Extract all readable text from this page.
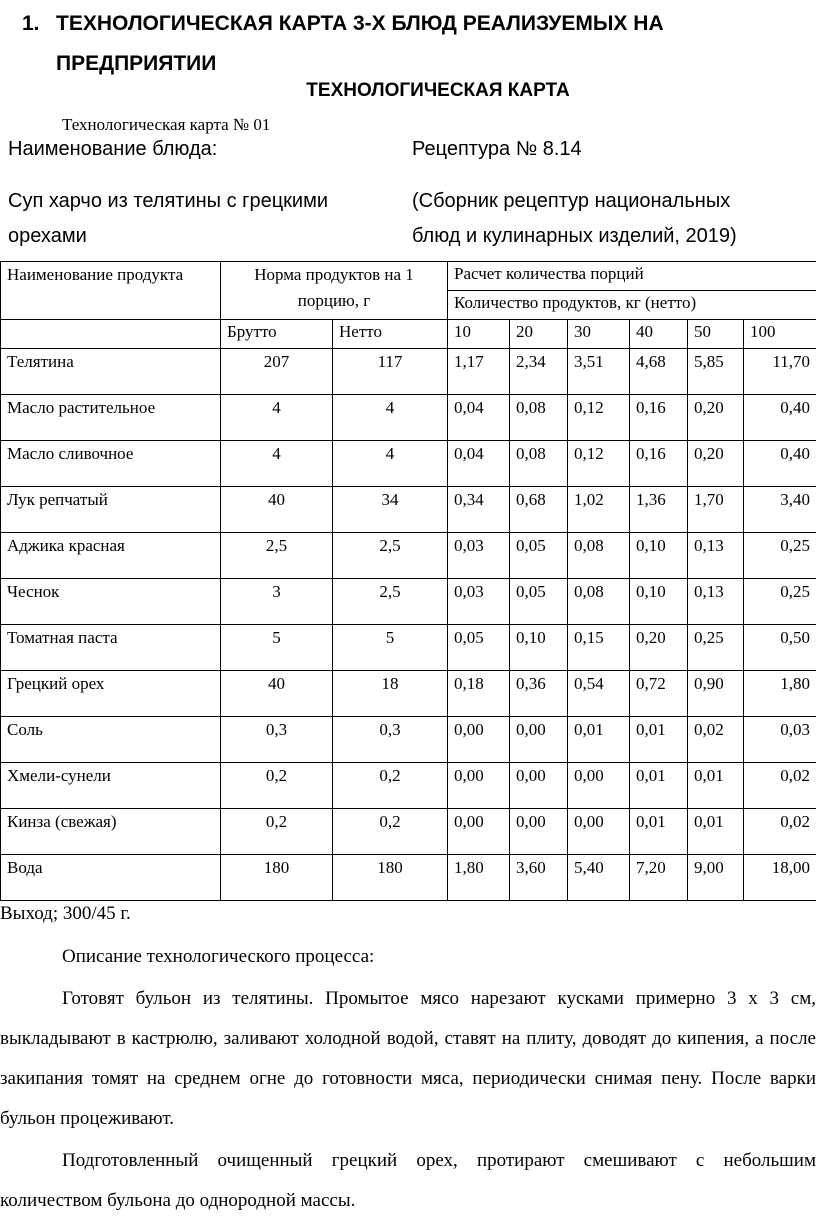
1. ТЕХНОЛОГИЧЕСКАЯ КАРТА 3-Х БЛЮД РЕАЛИЗУЕМЫХ НА
ПРЕДПРИЯТИИ
ТЕХНОЛОГИЧЕСКАЯ КАРТА
Технологическая карта № 01
Наименование блюда:	Рецептура № 8.14
Суп харчо из телятины с грецкими
орехами
(Сборник рецептур национальных
блюд и кулинарных изделий, 2019)
Наименование продукта	Норма продуктов на 1 порцию, г		Расчет количества порций					
			Количество продуктов, кг (нетто)					
	Брутто	Нетто	10	20	30	40	50	100
Телятина	207	117	1,17	2,34	3,51	4,68	5,85	11,70
Масло растительное	4	4	0,04	0,08	0,12	0,16	0,20	0,40
Масло сливочное	4	4	0,04	0,08	0,12	0,16	0,20	0,40
Лук репчатый	40	34	0,34	0,68	1,02	1,36	1,70	3,40
Аджика красная	2,5	2,5	0,03	0,05	0,08	0,10	0,13	0,25
Чеснок	3	2,5	0,03	0,05	0,08	0,10	0,13	0,25
Томатная паста	5	5	0,05	0,10	0,15	0,20	0,25	0,50
Грецкий орех	40	18	0,18	0,36	0,54	0,72	0,90	1,80
Соль	0,3	0,3	0,00	0,00	0,01	0,01	0,02	0,03
Хмели-сунели	0,2	0,2	0,00	0,00	0,00	0,01	0,01	0,02
Кинза (свежая)	0,2	0,2	0,00	0,00	0,00	0,01	0,01	0,02
Вода	180	180	1,80	3,60	5,40	7,20	9,00	18,00
Выход; 300/45 г.
Описание технологического процесса:
Готовят бульон из телятины. Промытое мясо нарезают кусками примерно 3 х 3 см, выкладывают в кастрюлю, заливают холодной водой, ставят на плиту, доводят до кипения, а после закипания томят на среднем огне до готовности мяса, периодически снимая пену. После варки бульон процеживают.
Подготовленный очищенный грецкий орех, протирают смешивают с небольшим количеством бульона до однородной массы.
